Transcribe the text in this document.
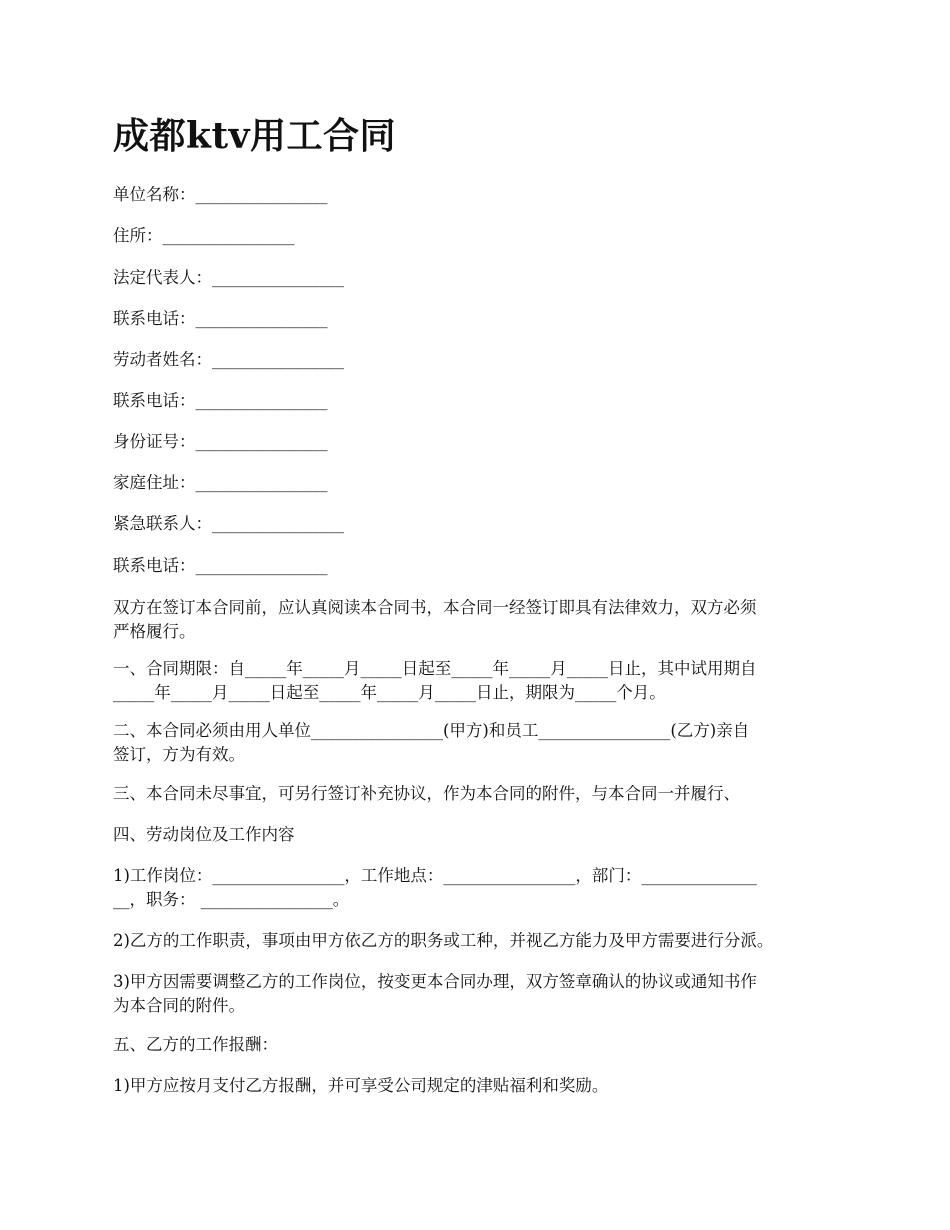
成都ktv用工合同

单位名称：________________

住所：________________

法定代表人：________________

联系电话：________________

劳动者姓名：________________

联系电话：________________

身份证号：________________

家庭住址：________________

紧急联系人：________________

联系电话：________________

双方在签订本合同前，应认真阅读本合同书，本合同一经签订即具有法律效力，双方必须
严格履行。

一、合同期限：自_____年_____月_____日起至_____年_____月_____日止，其中试用期自
_____年_____月_____日起至_____年_____月_____日止，期限为_____个月。

二、本合同必须由用人单位________________(甲方)和员工________________(乙方)亲自
签订，方为有效。

三、本合同未尽事宜，可另行签订补充协议，作为本合同的附件，与本合同一并履行、

四、劳动岗位及工作内容

1)工作岗位：________________，工作地点：________________，部门：______________
__，职务： ________________。

2)乙方的工作职责，事项由甲方依乙方的职务或工种，并视乙方能力及甲方需要进行分派。

3)甲方因需要调整乙方的工作岗位，按变更本合同办理，双方签章确认的协议或通知书作
为本合同的附件。

五、乙方的工作报酬：

1)甲方应按月支付乙方报酬，并可享受公司规定的津贴福利和奖励。
